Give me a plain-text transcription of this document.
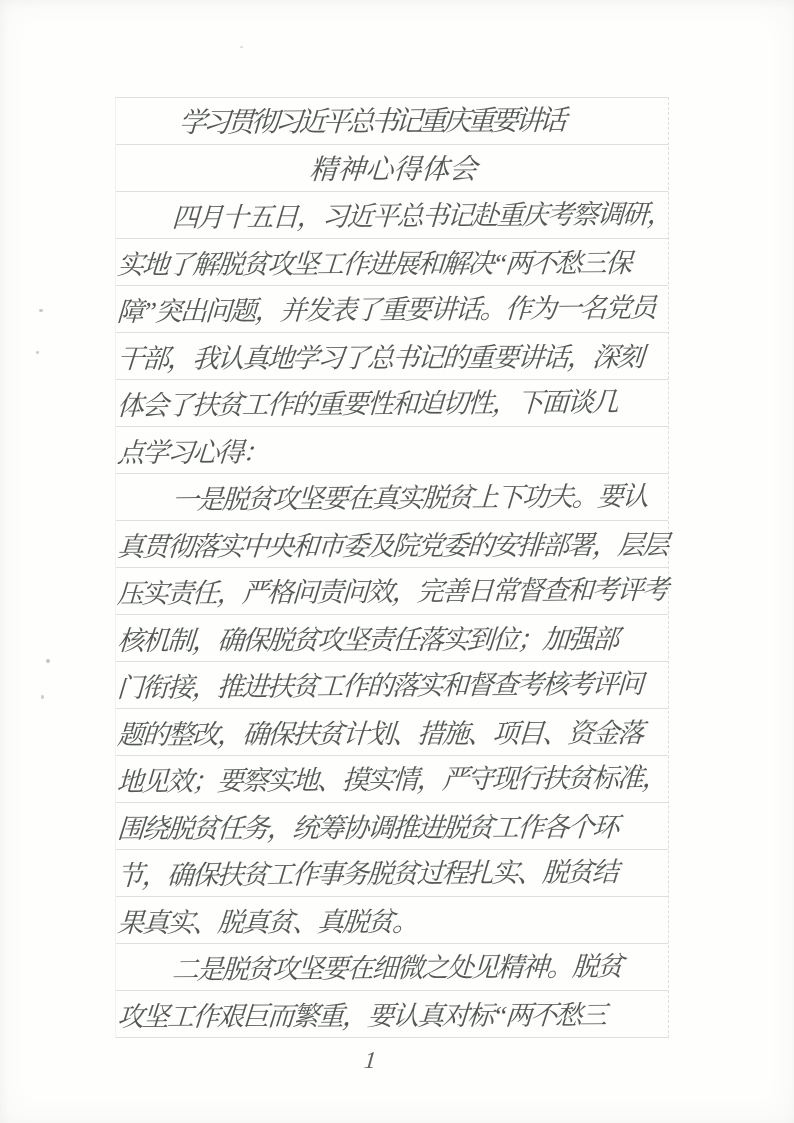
学习贯彻习近平总书记重庆重要讲话
精神心得体会
四月十五日，习近平总书记赴重庆考察调研，
实地了解脱贫攻坚工作进展和解决“两不愁三保
障”突出问题，并发表了重要讲话。作为一名党员
干部，我认真地学习了总书记的重要讲话，深刻
体会了扶贫工作的重要性和迫切性，下面谈几
点学习心得：
一是脱贫攻坚要在真实脱贫上下功夫。要认
真贯彻落实中央和市委及院党委的安排部署，层层
压实责任，严格问责问效，完善日常督查和考评考
核机制，确保脱贫攻坚责任落实到位；加强部
门衔接，推进扶贫工作的落实和督查考核考评问
题的整改，确保扶贫计划、措施、项目、资金落
地见效；要察实地、摸实情，严守现行扶贫标准，
围绕脱贫任务，统筹协调推进脱贫工作各个环
节，确保扶贫工作事务脱贫过程扎实、脱贫结
果真实、脱真贫、真脱贫。
二是脱贫攻坚要在细微之处见精神。脱贫
攻坚工作艰巨而繁重，要认真对标“两不愁三
1
